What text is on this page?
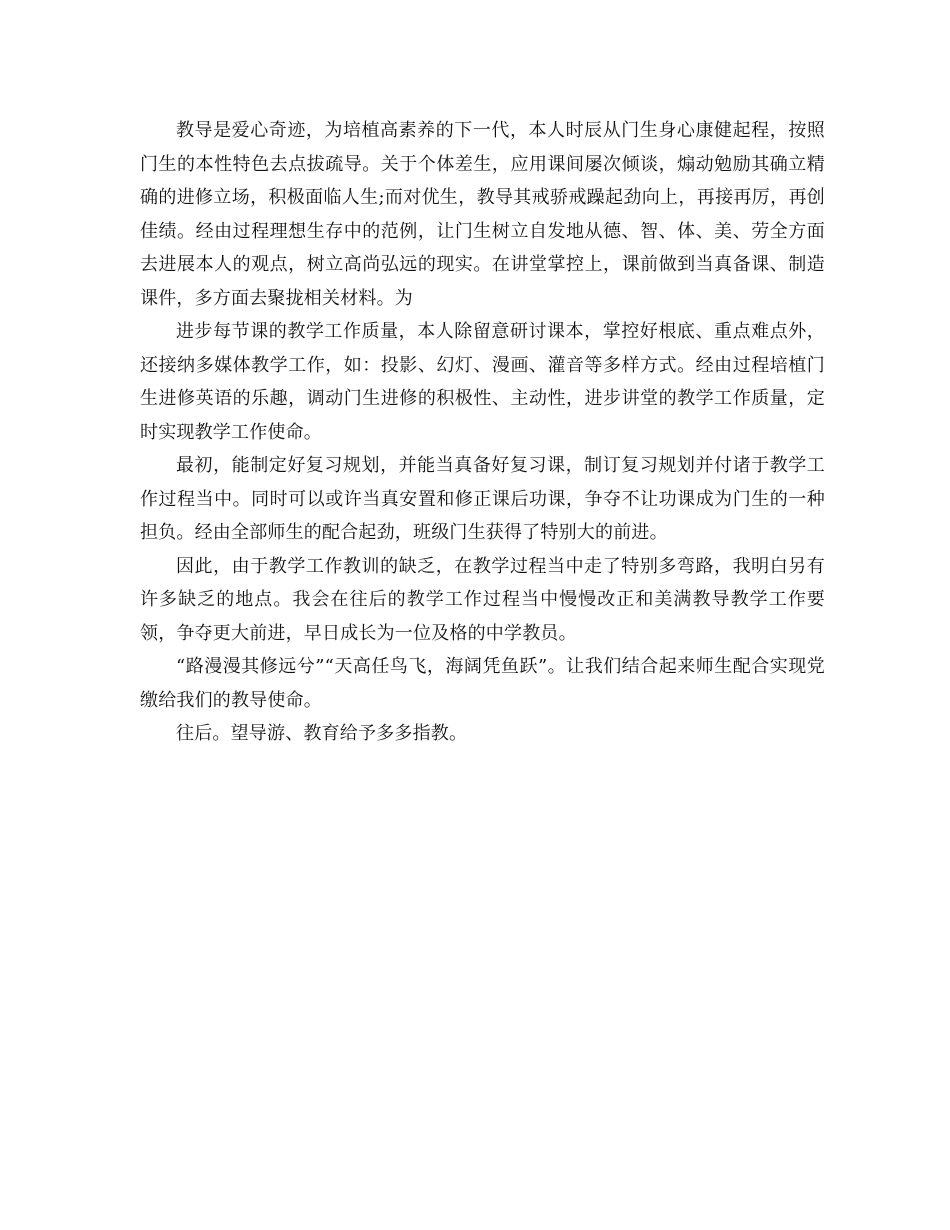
教导是爱心奇迹，为培植高素养的下一代，本人时辰从门生身心康健起程，按照门生的本性特色去点拔疏导。关于个体差生，应用课间屡次倾谈，煽动勉励其确立精确的进修立场，积极面临人生;而对优生，教导其戒骄戒躁起劲向上，再接再厉，再创佳绩。经由过程理想生存中的范例，让门生树立自发地从德、智、体、美、劳全方面去进展本人的观点，树立高尚弘远的现实。在讲堂掌控上，课前做到当真备课、制造课件，多方面去聚拢相关材料。为

进步每节课的教学工作质量，本人除留意研讨课本，掌控好根底、重点难点外，还接纳多媒体教学工作，如：投影、幻灯、漫画、灌音等多样方式。经由过程培植门生进修英语的乐趣，调动门生进修的积极性、主动性，进步讲堂的教学工作质量，定时实现教学工作使命。

最初，能制定好复习规划，并能当真备好复习课，制订复习规划并付诸于教学工作过程当中。同时可以或许当真安置和修正课后功课，争夺不让功课成为门生的一种担负。经由全部师生的配合起劲，班级门生获得了特别大的前进。

因此，由于教学工作教训的缺乏，在教学过程当中走了特别多弯路，我明白另有许多缺乏的地点。我会在往后的教学工作过程当中慢慢改正和美满教导教学工作要领，争夺更大前进，早日成长为一位及格的中学教员。

“路漫漫其修远兮”“天高任鸟飞，海阔凭鱼跃”。让我们结合起来师生配合实现党缴给我们的教导使命。

往后。望导游、教育给予多多指教。
